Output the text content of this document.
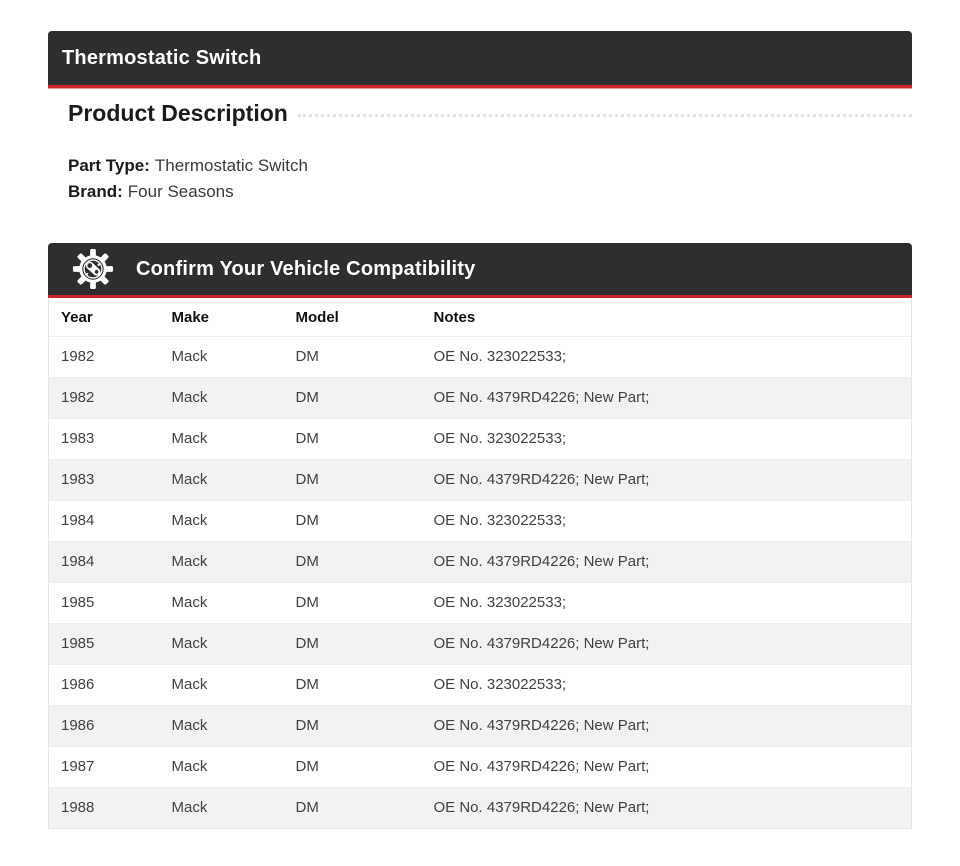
Thermostatic Switch
Product Description
Part Type: Thermostatic Switch
Brand: Four Seasons
Confirm Your Vehicle Compatibility
Year	Make	Model	Notes
1982	Mack	DM	OE No. 323022533;
1982	Mack	DM	OE No. 4379RD4226; New Part;
1983	Mack	DM	OE No. 323022533;
1983	Mack	DM	OE No. 4379RD4226; New Part;
1984	Mack	DM	OE No. 323022533;
1984	Mack	DM	OE No. 4379RD4226; New Part;
1985	Mack	DM	OE No. 323022533;
1985	Mack	DM	OE No. 4379RD4226; New Part;
1986	Mack	DM	OE No. 323022533;
1986	Mack	DM	OE No. 4379RD4226; New Part;
1987	Mack	DM	OE No. 4379RD4226; New Part;
1988	Mack	DM	OE No. 4379RD4226; New Part;
